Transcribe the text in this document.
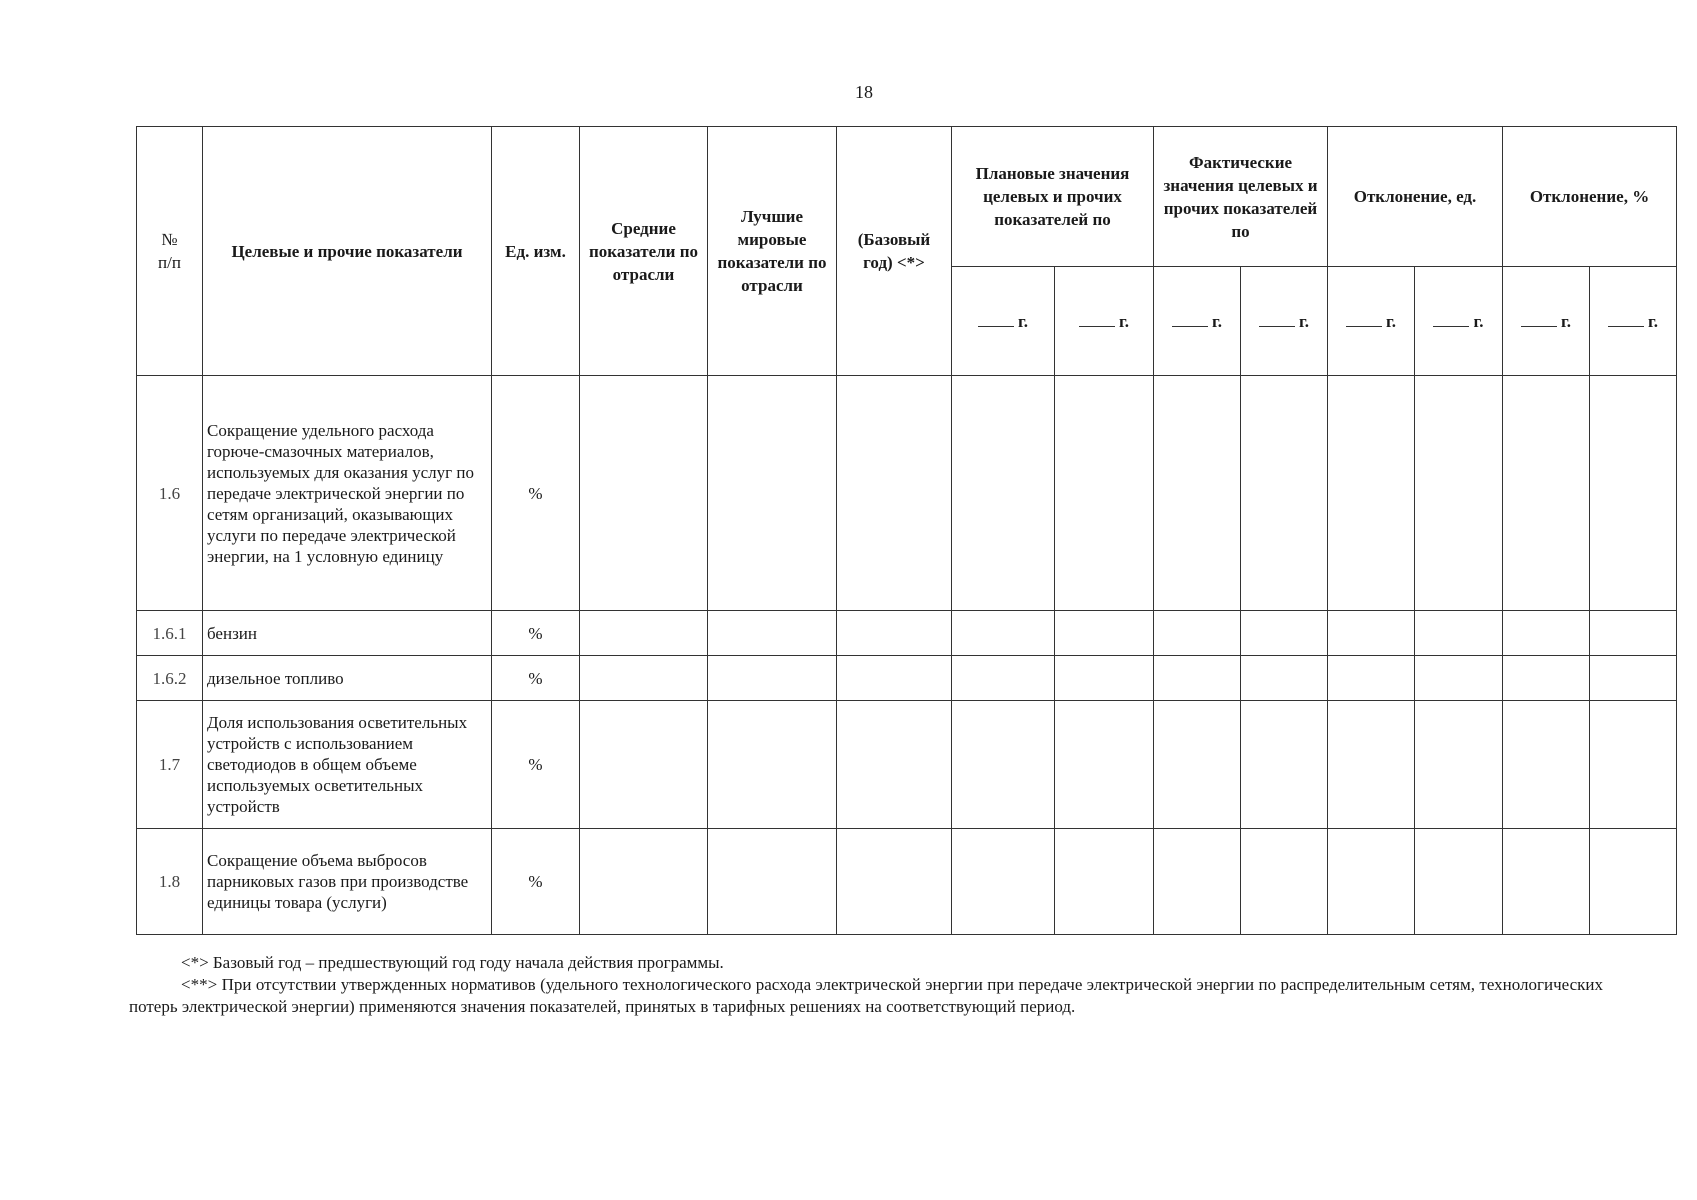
18
№
п/п	Целевые и прочие показатели	Ед. изм.	Средние показатели по отрасли	Лучшие мировые показатели по отрасли	(Базовый год) <*>	Плановые значения целевых и прочих показателей по		Фактические значения целевых и прочих показателей по		Отклонение, ед.		Отклонение, %	
						г.	г.	г.	г.	г.	г.	г.	г.
1.6	Сокращение удельного расхода горюче-смазочных материалов, используемых для оказания услуг по передаче электрической энергии по сетям организаций, оказывающих услуги по передаче электрической энергии, на 1 условную единицу	%											
1.6.1	бензин	%											
1.6.2	дизельное топливо	%											
1.7	Доля использования осветительных устройств с использованием светодиодов в общем объеме используемых осветительных устройств	%											
1.8	Сокращение объема выбросов парниковых газов при производстве единицы товара (услуги)	%											

<*> Базовый год – предшествующий год году начала действия программы.

<**> При отсутствии утвержденных нормативов (удельного технологического расхода электрической энергии при передаче электрической энергии по распределительным сетям, технологических потерь электрической энергии) применяются значения показателей, принятых в тарифных решениях на соответствующий период.
